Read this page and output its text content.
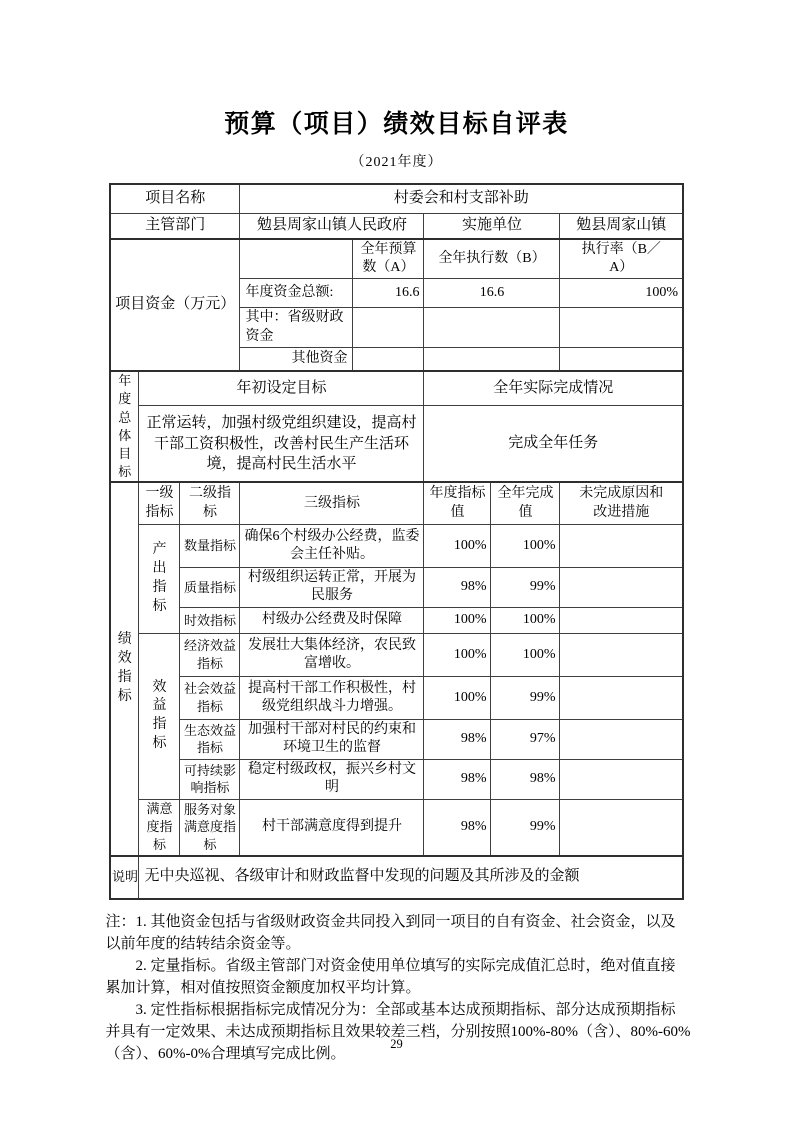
预算（项目）绩效目标自评表
（2021年度）
项目名称			村委会和村支部补助				
主管部门			勉县周家山镇人民政府		实施单位		勉县周家山镇
项目资金（万元）				全年预算数（A）	全年执行数（B）		执行率（B／A）
			年度资金总额:	16.6	16.6		100%
			其中：省级财政资金				
			其他资金				
年度总体目标	年初设定目标				全年实际完成情况		
	正常运转，加强村级党组织建设，提高村干部工资积极性，改善村民生产生活环境，提高村民生活水平				完成全年任务		
绩效指标	一级指标	二级指标	三级指标		年度指标值	全年完成值	未完成原因和改进措施
	产出指标	数量指标	确保6个村级办公经费，监委会主任补贴。		100%	100%	
		质量指标	村级组织运转正常，开展为民服务		98%	99%	
		时效指标	村级办公经费及时保障		100%	100%	
	效益指标	经济效益指标	发展壮大集体经济，农民致富增收。		100%	100%	
		社会效益指标	提高村干部工作积极性，村级党组织战斗力增强。		100%	99%	
		生态效益指标	加强村干部对村民的约束和环境卫生的监督		98%	97%	
		可持续影响指标	稳定村级政权，振兴乡村文明		98%	98%	
	满意度指标	服务对象满意度指标	村干部满意度得到提升		98%	99%	
说明	无中央巡视、各级审计和财政监督中发现的问题及其所涉及的金额						
注：1. 其他资金包括与省级财政资金共同投入到同一项目的自有资金、社会资金，以及
以前年度的结转结余资金等。
　　2. 定量指标。省级主管部门对资金使用单位填写的实际完成值汇总时，绝对值直接
累加计算，相对值按照资金额度加权平均计算。
　　3. 定性指标根据指标完成情况分为：全部或基本达成预期指标、部分达成预期指标
并具有一定效果、未达成预期指标且效果较差三档，分别按照100%-80%（含）、80%-60%
（含）、60%-0%合理填写完成比例。
29
